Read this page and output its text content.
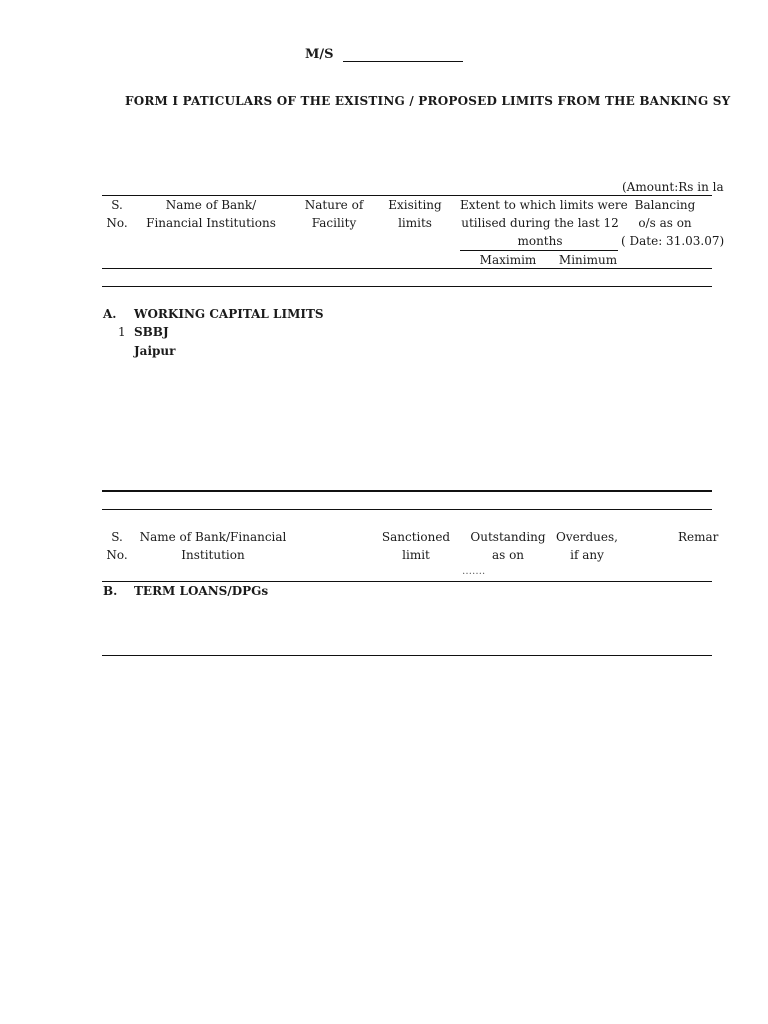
M/S
FORM I PATICULARS OF THE EXISTING / PROPOSED LIMITS FROM THE BANKING SY
(Amount:Rs in la
S.
No.
Name of Bank/
Financial Institutions
Nature of
Facility
Exisiting
limits
Extent to which limits were
utilised during the last 12
months
Maximim	Minimum
Balancing
o/s as on
( Date: 31.03.07)
A. WORKING CAPITAL LIMITS
1 SBBJ
Jaipur
S.
No.
Name of Bank/Financial
Institution
Sanctioned
limit
Outstanding
as on
…….
Overdues,
if any
Remar
B. TERM LOANS/DPGs
